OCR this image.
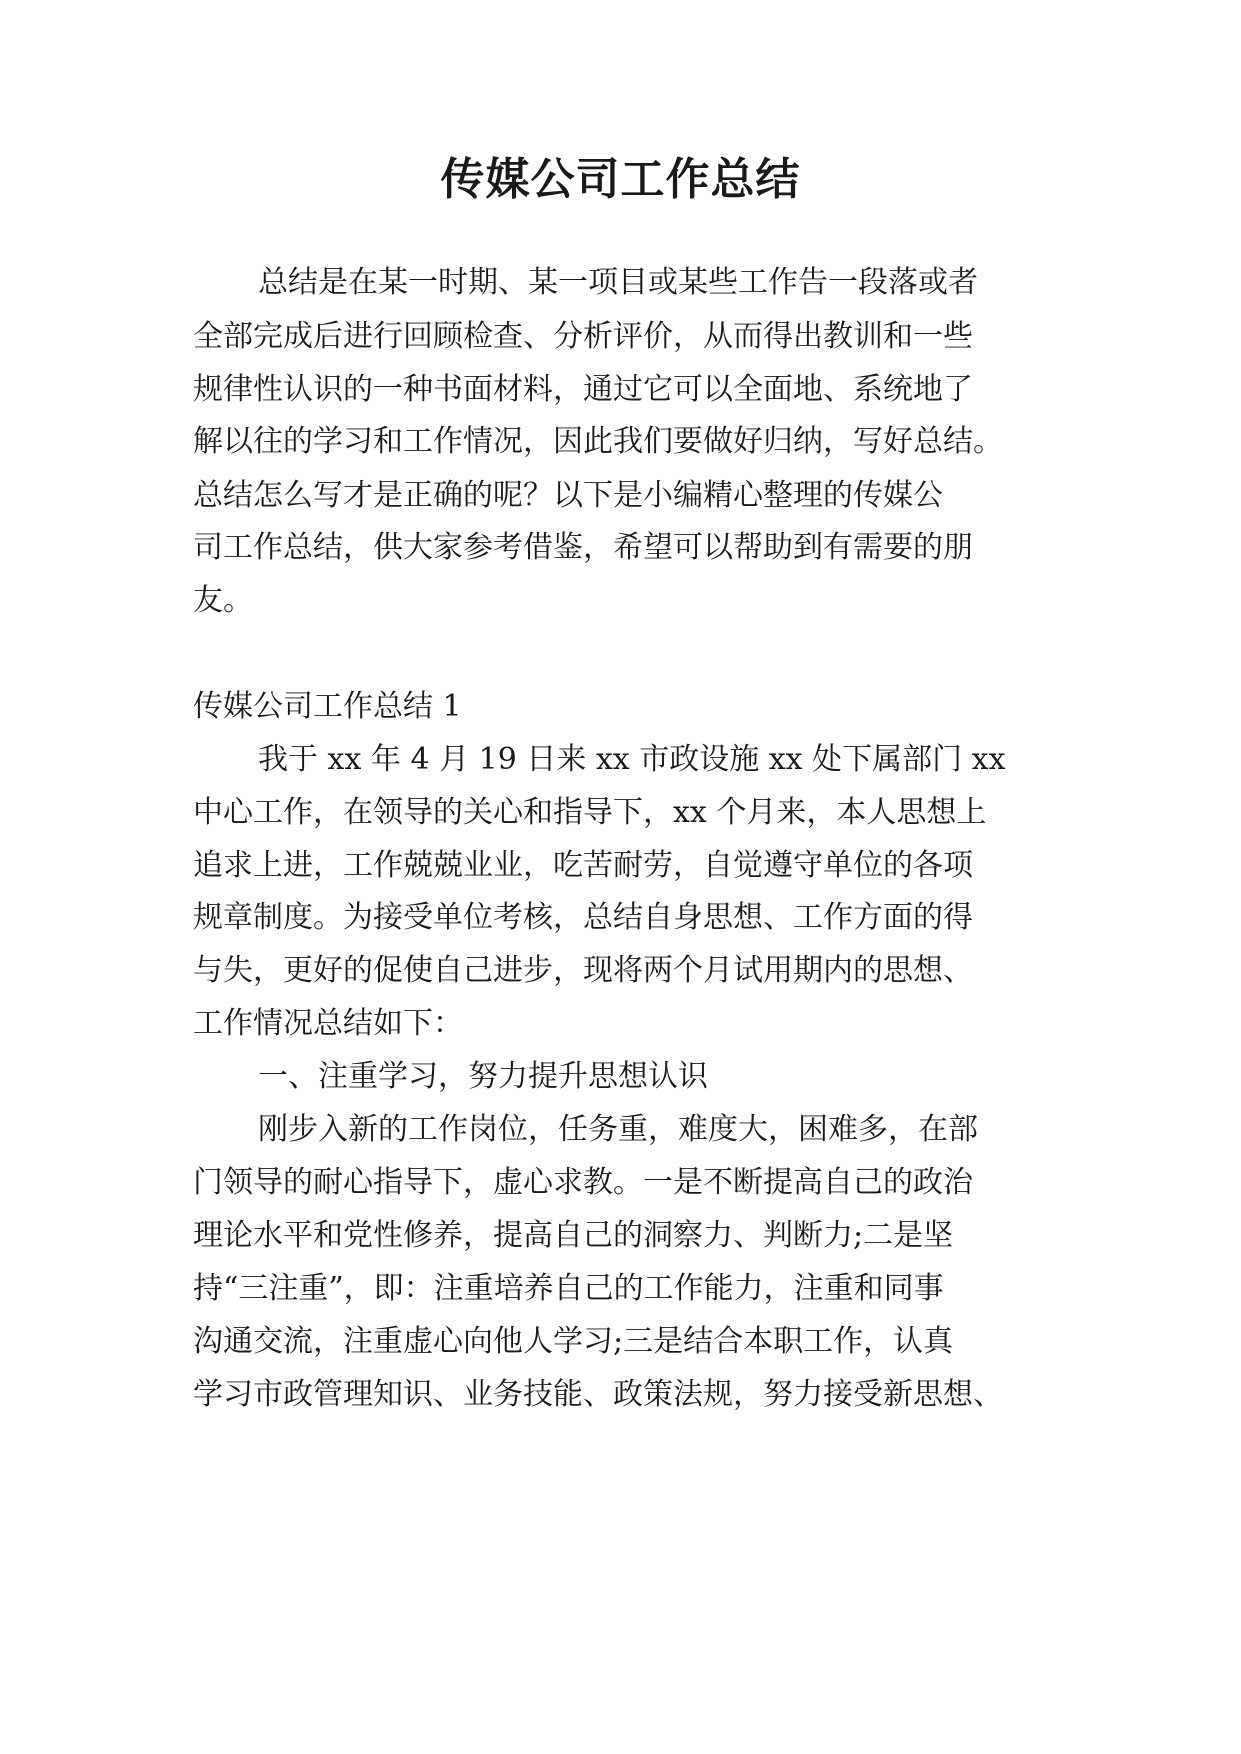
传媒公司工作总结

总结是在某一时期、某一项目或某些工作告一段落或者

全部完成后进行回顾检查、分析评价，从而得出教训和一些

规律性认识的一种书面材料，通过它可以全面地、系统地了

解以往的学习和工作情况，因此我们要做好归纳，写好总结。

总结怎么写才是正确的呢？以下是小编精心整理的传媒公

司工作总结，供大家参考借鉴，希望可以帮助到有需要的朋

友。

传媒公司工作总结 1

我于 xx 年 4 月 19 日来 xx 市政设施 xx 处下属部门 xx

中心工作，在领导的关心和指导下，xx 个月来，本人思想上

追求上进，工作兢兢业业，吃苦耐劳，自觉遵守单位的各项

规章制度。为接受单位考核，总结自身思想、工作方面的得

与失，更好的促使自己进步，现将两个月试用期内的思想、

工作情况总结如下：

一、注重学习，努力提升思想认识

刚步入新的工作岗位，任务重，难度大，困难多，在部

门领导的耐心指导下，虚心求教。一是不断提高自己的政治

理论水平和党性修养，提高自己的洞察力、判断力;二是坚

持“三注重”，即：注重培养自己的工作能力，注重和同事

沟通交流，注重虚心向他人学习;三是结合本职工作，认真

学习市政管理知识、业务技能、政策法规，努力接受新思想、
